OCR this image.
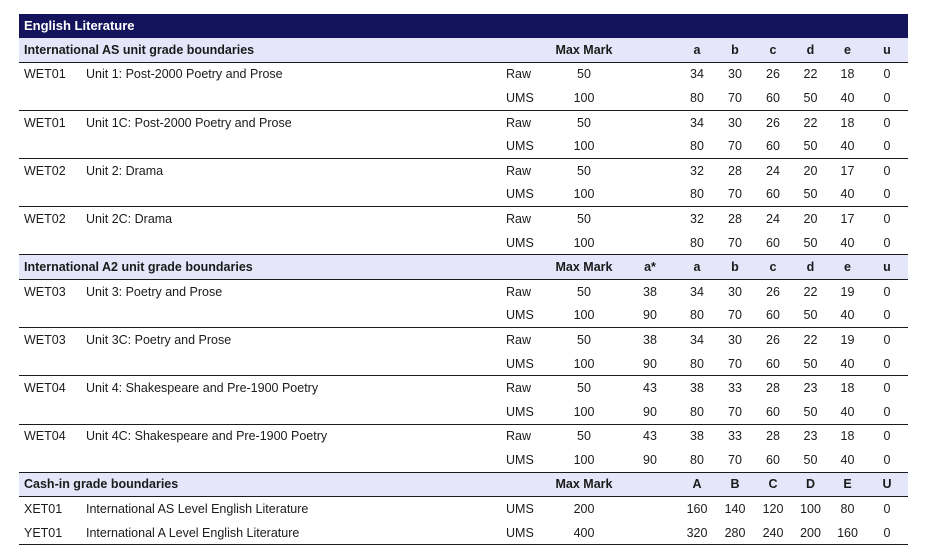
English Literature
International AS unit grade boundaries			Max Mark		a	b	c	d	e	u
WET01	Unit 1: Post-2000 Poetry and Prose	Raw	50		34	30	26	22	18	0
		UMS	100		80	70	60	50	40	0
WET01	Unit 1C: Post-2000 Poetry and Prose	Raw	50		34	30	26	22	18	0
		UMS	100		80	70	60	50	40	0
WET02	Unit 2: Drama	Raw	50		32	28	24	20	17	0
		UMS	100		80	70	60	50	40	0
WET02	Unit 2C: Drama	Raw	50		32	28	24	20	17	0
		UMS	100		80	70	60	50	40	0
International A2 unit grade boundaries			Max Mark	a*	a	b	c	d	e	u
WET03	Unit 3: Poetry and Prose	Raw	50	38	34	30	26	22	19	0
		UMS	100	90	80	70	60	50	40	0
WET03	Unit 3C: Poetry and Prose	Raw	50	38	34	30	26	22	19	0
		UMS	100	90	80	70	60	50	40	0
WET04	Unit 4: Shakespeare and Pre-1900 Poetry	Raw	50	43	38	33	28	23	18	0
		UMS	100	90	80	70	60	50	40	0
WET04	Unit 4C: Shakespeare and Pre-1900 Poetry	Raw	50	43	38	33	28	23	18	0
		UMS	100	90	80	70	60	50	40	0
Cash-in grade boundaries			Max Mark		A	B	C	D	E	U
XET01	International AS Level English Literature	UMS	200		160	140	120	100	80	0
YET01	International A Level English Literature	UMS	400		320	280	240	200	160	0
